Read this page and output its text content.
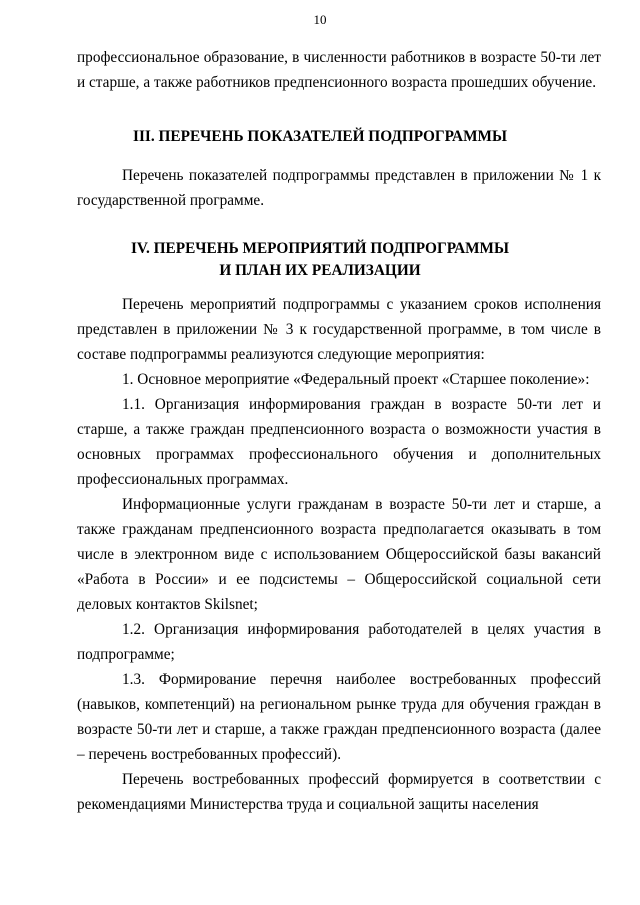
10

профессиональное образование, в численности работников в возрасте 50-ти лет и старше, а также работников предпенсионного возраста прошедших обучение.

III. ПЕРЕЧЕНЬ ПОКАЗАТЕЛЕЙ ПОДПРОГРАММЫ

Перечень показателей подпрограммы представлен в приложении № 1 к государственной программе.

IV. ПЕРЕЧЕНЬ МЕРОПРИЯТИЙ ПОДПРОГРАММЫ
И ПЛАН ИХ РЕАЛИЗАЦИИ

Перечень мероприятий подпрограммы с указанием сроков исполнения представлен в приложении № 3 к государственной программе, в том числе в составе подпрограммы реализуются следующие мероприятия:

1. Основное мероприятие «Федеральный проект «Старшее поколение»:

1.1. Организация информирования граждан в возрасте 50-ти лет и старше, а также граждан предпенсионного возраста о возможности участия в основных программах профессионального обучения и дополнительных профессиональных программах.

Информационные услуги гражданам в возрасте 50-ти лет и старше, а также гражданам предпенсионного возраста предполагается оказывать в том числе в электронном виде с использованием Общероссийской базы вакансий «Работа в России» и ее подсистемы – Общероссийской социальной сети деловых контактов Skilsnet;

1.2. Организация информирования работодателей в целях участия в подпрограмме;

1.3. Формирование перечня наиболее востребованных профессий (навыков, компетенций) на региональном рынке труда для обучения граждан в возрасте 50-ти лет и старше, а также граждан предпенсионного возраста (далее – перечень востребованных профессий).

Перечень востребованных профессий формируется в соответствии с рекомендациями Министерства труда и социальной защиты населения
